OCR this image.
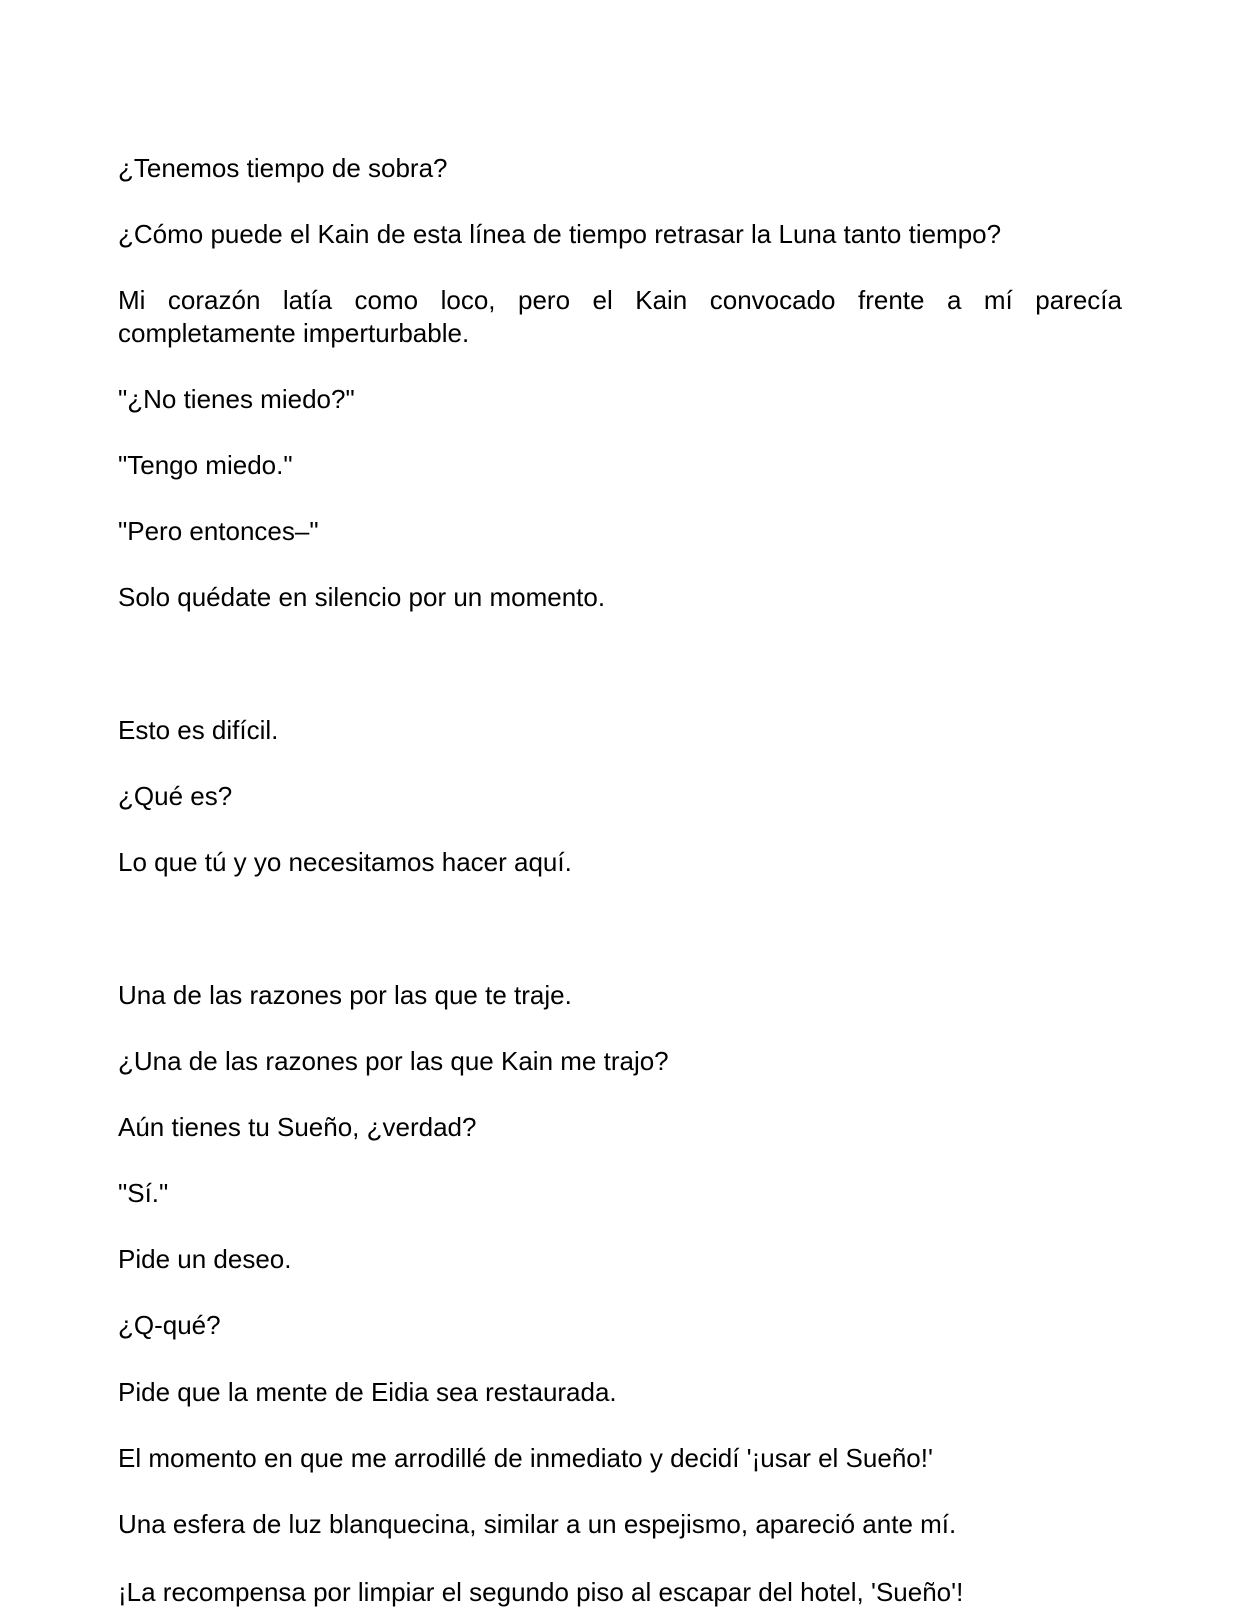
¿Tenemos tiempo de sobra?

¿Cómo puede el Kain de esta línea de tiempo retrasar la Luna tanto tiempo?

Mi corazón latía como loco, pero el Kain convocado frente a mí parecía completamente imperturbable.

"¿No tienes miedo?"

"Tengo miedo."

"Pero entonces–"

Solo quédate en silencio por un momento.

Esto es difícil.

¿Qué es?

Lo que tú y yo necesitamos hacer aquí.

Una de las razones por las que te traje.

¿Una de las razones por las que Kain me trajo?

Aún tienes tu Sueño, ¿verdad?

"Sí."

Pide un deseo.

¿Q-qué?

Pide que la mente de Eidia sea restaurada.

El momento en que me arrodillé de inmediato y decidí '¡usar el Sueño!'

Una esfera de luz blanquecina, similar a un espejismo, apareció ante mí.

¡La recompensa por limpiar el segundo piso al escapar del hotel, 'Sueño'!
